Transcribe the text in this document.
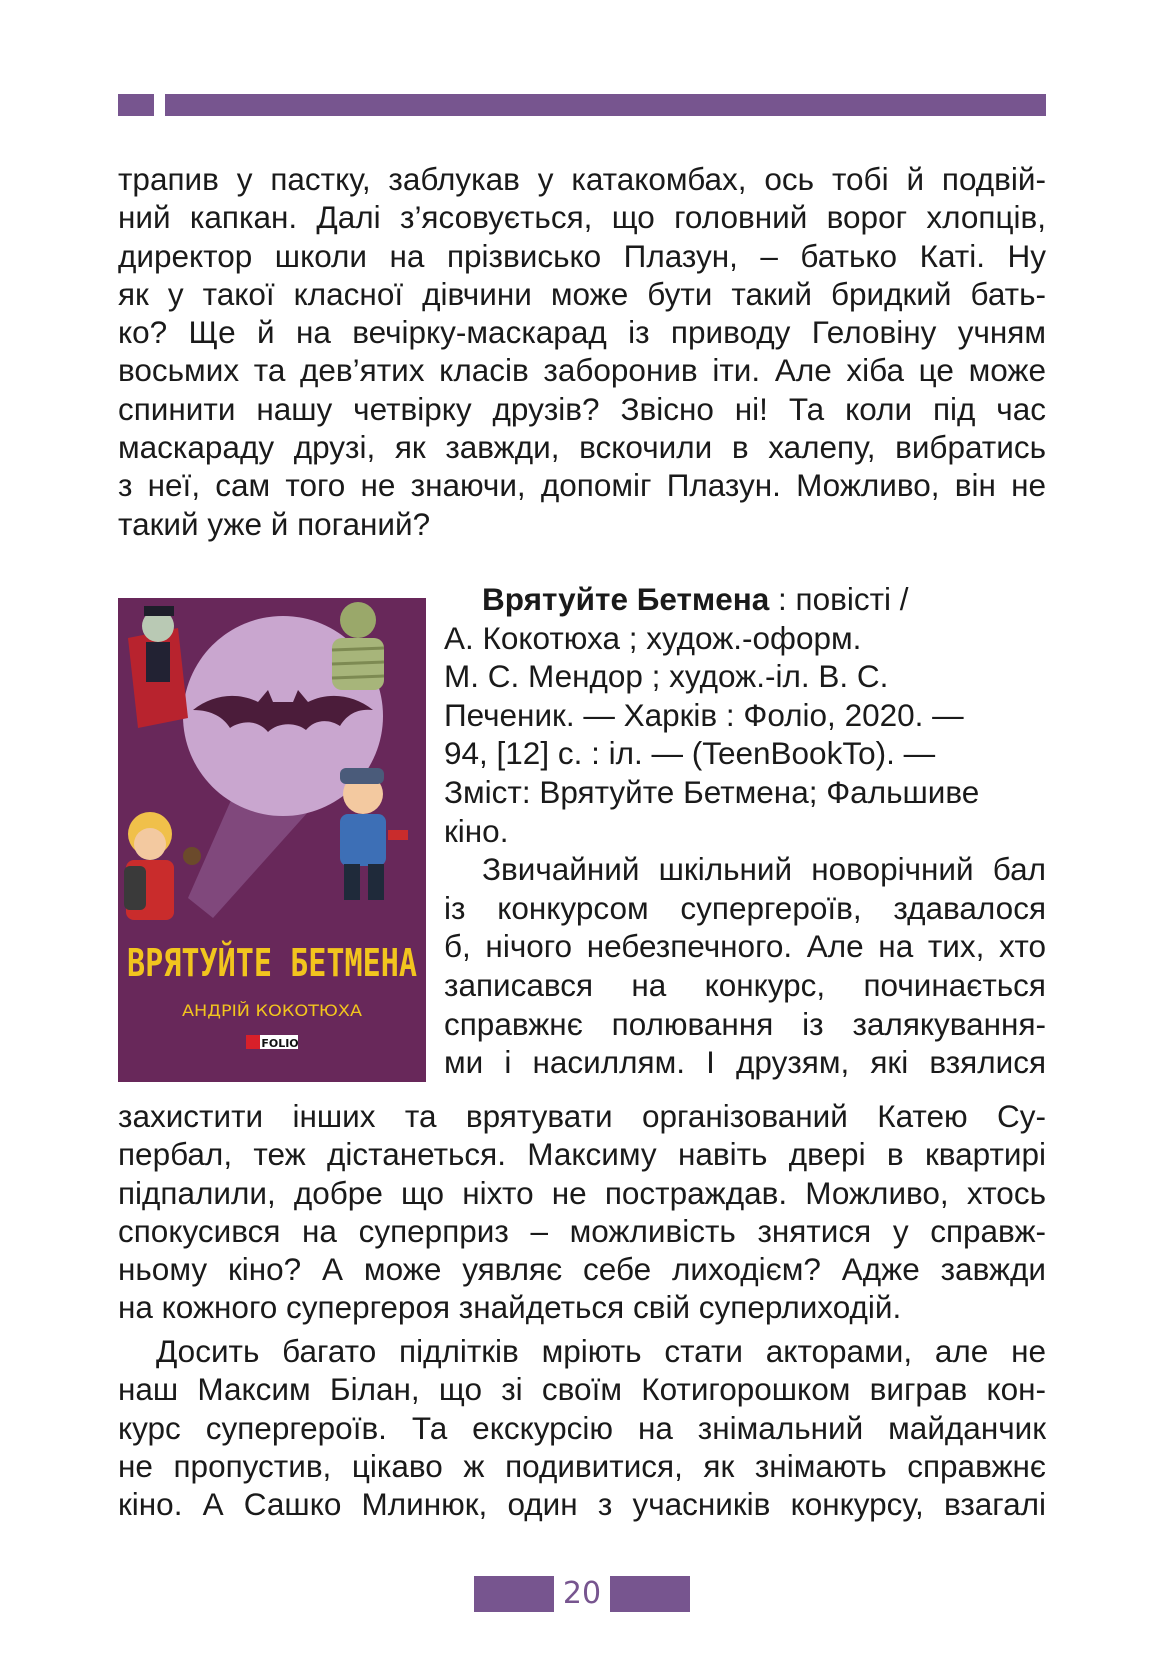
трапив у пастку, заблукав у катакомбах, ось тобі й подвій-
ний капкан. Далі з’ясовується, що головний ворог хлопців,
директор школи на прізвисько Плазун, – батько Каті. Ну
як у такої класної дівчини може бути такий бридкий бать-
ко? Ще й на вечірку-маскарад із приводу Геловіну учням
восьмих та дев’ятих класів заборонив іти. Але хіба це може
спинити нашу четвірку друзів? Звісно ні! Та коли під час
маскараду друзі, як завжди, вскочили в халепу, вибратись
з неї, сам того не знаючи, допоміг Плазун. Можливо, він не
такий уже й поганий?
ВРЯТУЙТЕ БЕТМЕНА
АНДРІЙ КОКОТЮХА
FOLIO
Врятуйте Бетмена : повісті /
А. Кокотюха ; худож.-оформ.
М. С. Мендор ; худож.-іл. В. С.
Печеник. — Харків : Фоліо, 2020. —
94, [12] с. : іл. — (TeenBookTo). —
Зміст: Врятуйте Бетмена; Фальшиве
кіно.
Звичайний шкільний новорічний бал
із конкурсом супергероїв, здавалося
б, нічого небезпечного. Але на тих, хто
записався на конкурс, починається
справжнє полювання із залякування-
ми і насиллям. І друзям, які взялися
захистити інших та врятувати організований Катею Су-
пербал, теж дістанеться. Максиму навіть двері в квартирі
підпалили, добре що ніхто не постраждав. Можливо, хтось
спокусився на суперприз – можливість знятися у справж-
ньому кіно? А може уявляє себе лиходієм? Адже завжди
на кожного супергероя знайдеться свій суперлиходій.
Досить багато підлітків мріють стати акторами, але не
наш Максим Білан, що зі своїм Котигорошком виграв кон-
курс супергероїв. Та екскурсію на знімальний майданчик
не пропустив, цікаво ж подивитися, як знімають справжнє
кіно. А Сашко Млинюк, один з учасників конкурсу, взагалі
20
